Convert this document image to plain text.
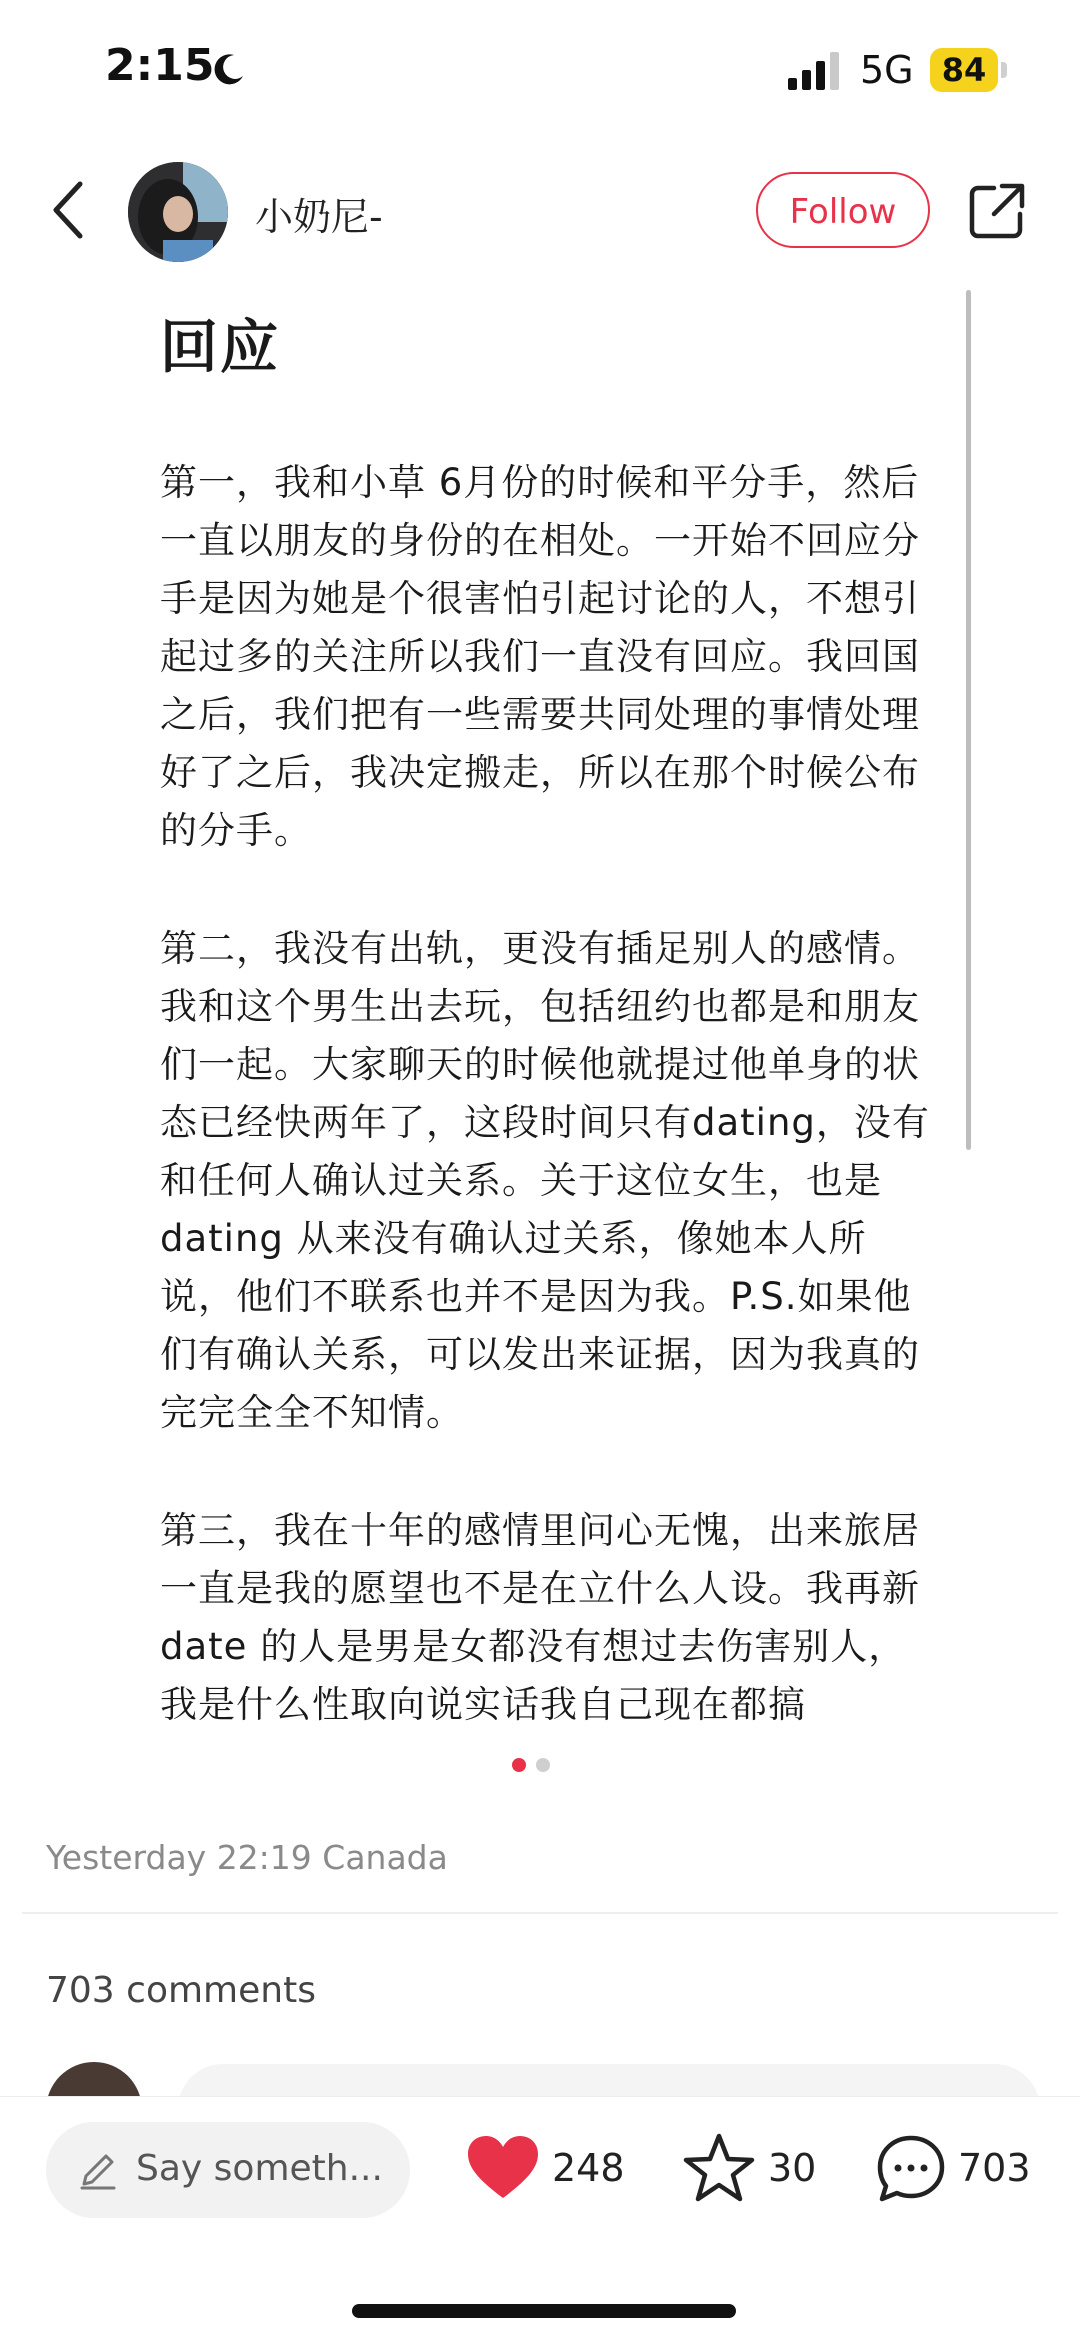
2:15	5G 84
小奶尼-	Follow
回应
第一，我和小草 6月份的时候和平分手，然后一直以朋友的身份的在相处。一开始不回应分手是因为她是个很害怕引起讨论的人，不想引起过多的关注所以我们一直没有回应。我回国之后，我们把有一些需要共同处理的事情处理好了之后，我决定搬走，所以在那个时候公布的分手。
第二，我没有出轨，更没有插足别人的感情。我和这个男生出去玩，包括纽约也都是和朋友们一起。大家聊天的时候他就提过他单身的状态已经快两年了，这段时间只有dating，没有和任何人确认过关系。关于这位女生，也是dating 从来没有确认过关系，像她本人所说，他们不联系也并不是因为我。P.S.如果他们有确认关系，可以发出来证据，因为我真的完完全全不知情。
第三，我在十年的感情里问心无愧，出来旅居一直是我的愿望也不是在立什么人设。我再新 date 的人是男是女都没有想过去伤害别人，我是什么性取向说实话我自己现在都搞
Yesterday 22:19 Canada
703 comments
Say someth...	248	30	703
